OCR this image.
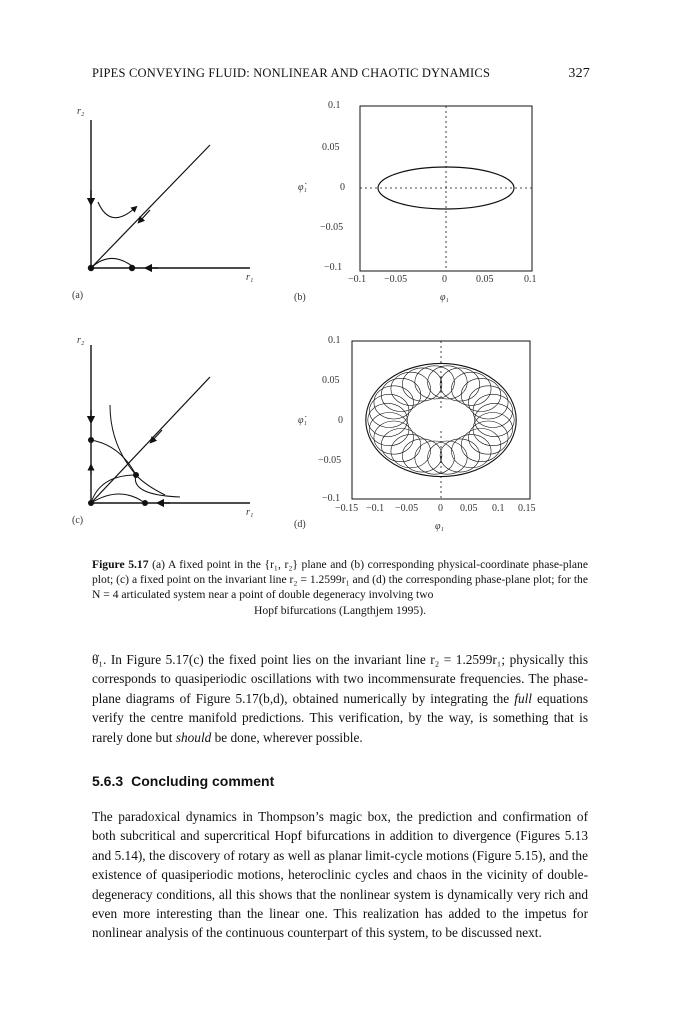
PIPES CONVEYING FLUID: NONLINEAR AND CHAOTIC DYNAMICS	327
r₂
r₁
(a)
0.1
0.05
0
−0.05
−0.1
φ̇₁
−0.1 −0.05	0	0.05	0.1
φ₁
(b)
r₂
r₁
(c)
0.1
0.05
0
−0.05
−0.1
φ̇₁
−0.15 −0.1 −0.05 0 0.05 0.1 0.15
φ₁
(d)
Figure 5.17 (a) A fixed point in the {r₁, r₂} plane and (b) corresponding physical-coordinate phase-plane plot; (c) a fixed point on the invariant line r₂ = 1.2599r₁ and (d) the corresponding phase-plane plot; for the N = 4 articulated system near a point of double degeneracy involving two
Hopf bifurcations (Langthjem 1995).

θ̇₁. In Figure 5.17(c) the fixed point lies on the invariant line r₂ = 1.2599r₁; physically this corresponds to quasiperiodic oscillations with two incommensurate frequencies. The phase-plane diagrams of Figure 5.17(b,d), obtained numerically by integrating the full equations verify the centre manifold predictions. This verification, by the way, is something that is rarely done but should be done, wherever possible.

5.6.3 Concluding comment

The paradoxical dynamics in Thompson’s magic box, the prediction and confirmation of both subcritical and supercritical Hopf bifurcations in addition to divergence (Figures 5.13 and 5.14), the discovery of rotary as well as planar limit-cycle motions (Figure 5.15), and the existence of quasiperiodic motions, heteroclinic cycles and chaos in the vicinity of double-degeneracy conditions, all this shows that the nonlinear system is dynamically very rich and even more interesting than the linear one. This realization has added to the impetus for nonlinear analysis of the continuous counterpart of this system, to be discussed next.
